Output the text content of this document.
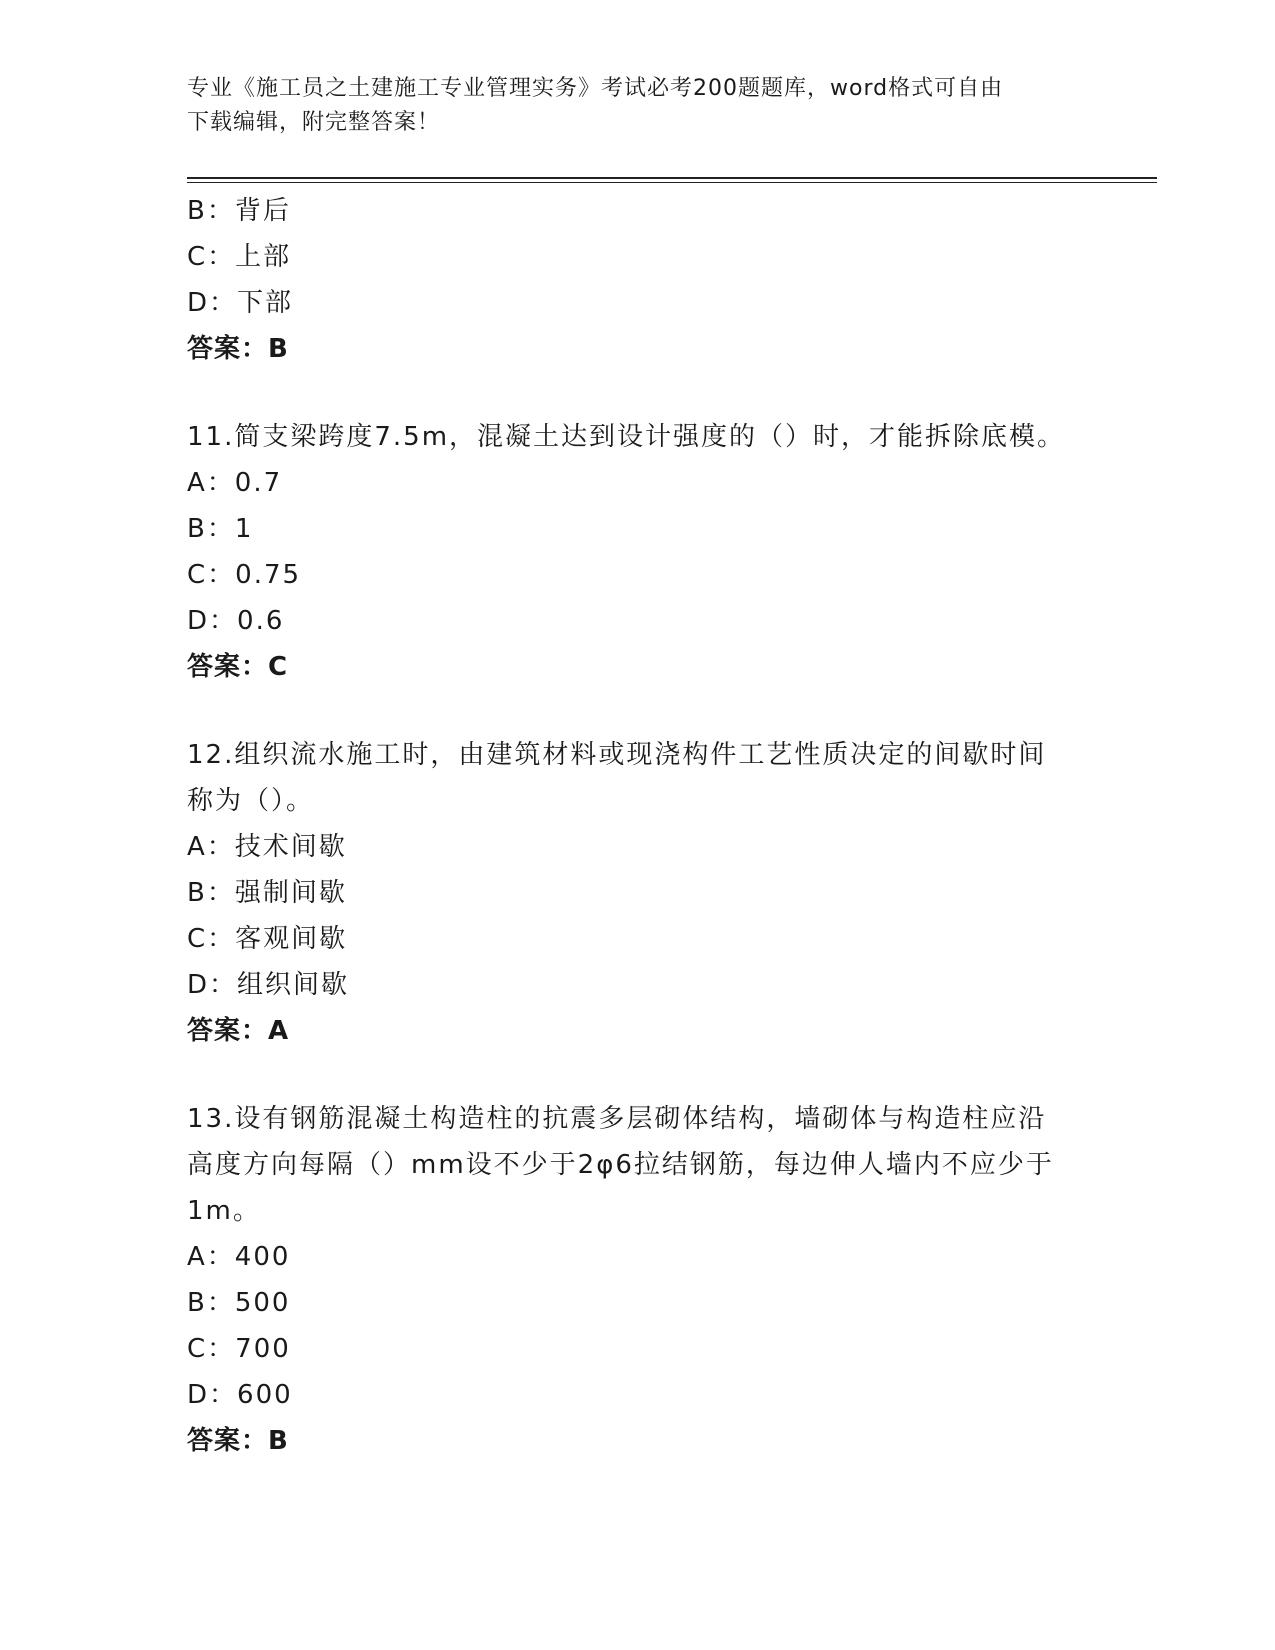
专业《施工员之土建施工专业管理实务》考试必考200题题库，word格式可自由
下载编辑，附完整答案！
B：背后
C：上部
D：下部
答案：B
11.简支梁跨度7.5m，混凝土达到设计强度的（）时，才能拆除底模。
A：0.7
B：1
C：0.75
D：0.6
答案：C
12.组织流水施工时，由建筑材料或现浇构件工艺性质决定的间歇时间
称为（）。
A：技术间歇
B：强制间歇
C：客观间歇
D：组织间歇
答案：A
13.设有钢筋混凝土构造柱的抗震多层砌体结构，墙砌体与构造柱应沿
高度方向每隔（）mm设不少于2φ6拉结钢筋，每边伸人墙内不应少于
1m。
A：400
B：500
C：700
D：600
答案：B
